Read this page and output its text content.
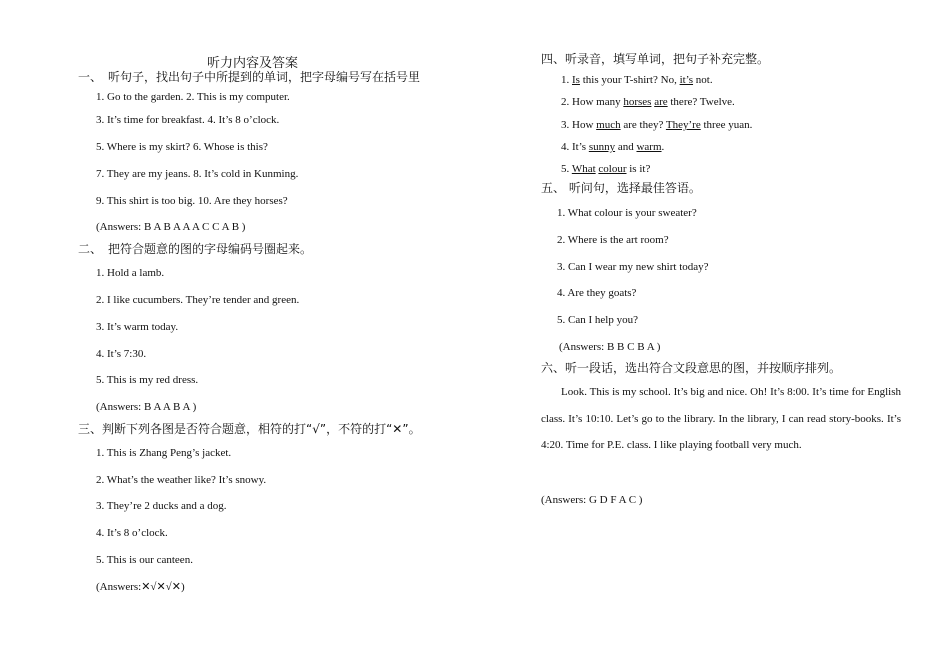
听力内容及答案
一、　听句子，找出句子中所提到的单词，把字母编号写在括号里
1. Go to the garden. 2. This is my computer.
3. It’s time for breakfast. 4. It’s 8 o’clock.
5. Where is my skirt? 6. Whose is this?
7. They are my jeans. 8. It’s cold in Kunming.
9. This shirt is too big. 10. Are they horses?
(Answers: B A B A A A C C A B )
二、　把符合题意的图的字母编码号圈起来。
1. Hold a lamb.
2. I like cucumbers. They’re tender and green.
3. It’s warm today.
4. It’s 7:30.
5. This is my red dress.
(Answers: B A A B A )
三、判断下列各图是否符合题意，相符的打“√”，不符的打“✕”。
1. This is Zhang Peng’s jacket.
2. What’s the weather like? It’s snowy.
3. They’re 2 ducks and a dog.
4. It’s 8 o’clock.
5. This is our canteen.
(Answers:✕√✕√✕)
四、听录音，填写单词，把句子补充完整。
1. Is this your T-shirt? No, it’s not.
2. How many horses are there? Twelve.
3. How much are they? They’re three yuan.
4. It’s sunny and warm.
5. What colour is it?
五、 听问句，选择最佳答语。
1. What colour is your sweater?
2. Where is the art room?
3. Can I wear my new shirt today?
4. Are they goats?
5. Can I help you?
(Answers: B B C B A )
六、听一段话，选出符合文段意思的图，并按顺序排列。
Look. This is my school. It’s big and nice. Oh! It’s 8:00. It’s time for English class. It’s 10:10. Let’s go to the library. In the library, I can read story-books. It’s 4:20. Time for P.E. class. I like playing football very much.
(Answers: G D F A C )
